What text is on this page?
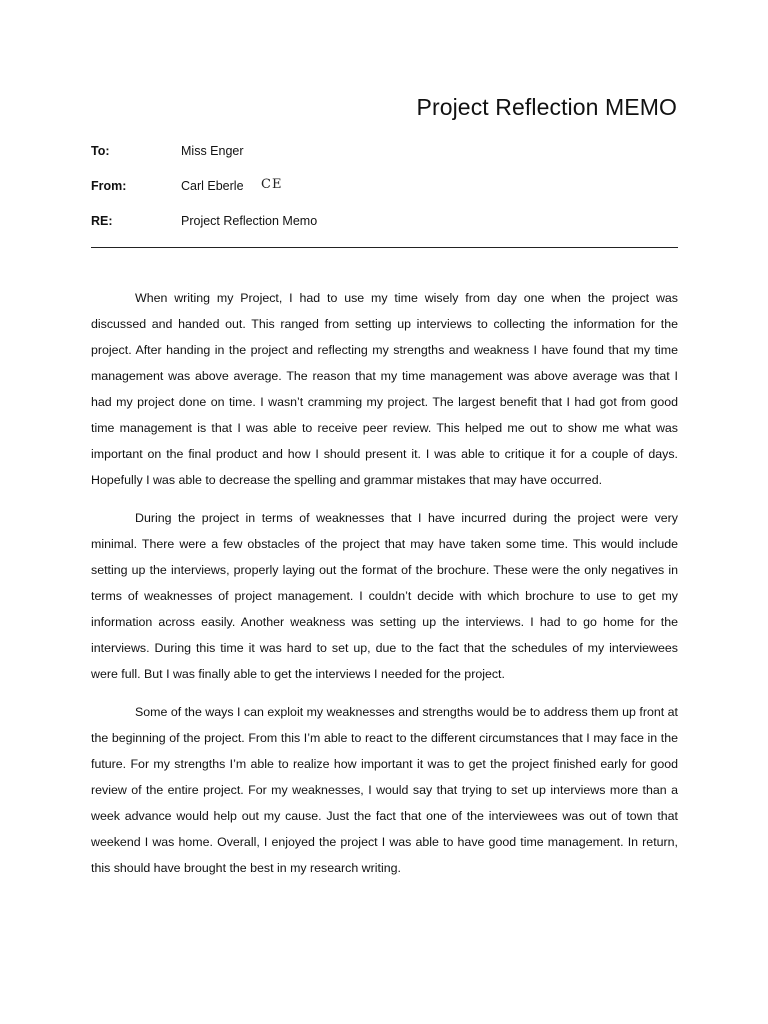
Project Reflection MEMO
To:	Miss Enger
From:	Carl Eberle CE
RE:	Project Reflection Memo

When writing my Project, I had to use my time wisely from day one when the project was discussed and handed out. This ranged from setting up interviews to collecting the information for the project. After handing in the project and reflecting my strengths and weakness I have found that my time management was above average. The reason that my time management was above average was that I had my project done on time. I wasn’t cramming my project. The largest benefit that I had got from good time management is that I was able to receive peer review. This helped me out to show me what was important on the final product and how I should present it. I was able to critique it for a couple of days. Hopefully I was able to decrease the spelling and grammar mistakes that may have occurred.

During the project in terms of weaknesses that I have incurred during the project were very minimal. There were a few obstacles of the project that may have taken some time. This would include setting up the interviews, properly laying out the format of the brochure. These were the only negatives in terms of weaknesses of project management. I couldn’t decide with which brochure to use to get my information across easily. Another weakness was setting up the interviews. I had to go home for the interviews. During this time it was hard to set up, due to the fact that the schedules of my interviewees were full. But I was finally able to get the interviews I needed for the project.

Some of the ways I can exploit my weaknesses and strengths would be to address them up front at the beginning of the project. From this I’m able to react to the different circumstances that I may face in the future. For my strengths I’m able to realize how important it was to get the project finished early for good review of the entire project. For my weaknesses, I would say that trying to set up interviews more than a week advance would help out my cause. Just the fact that one of the interviewees was out of town that weekend I was home. Overall, I enjoyed the project I was able to have good time management. In return, this should have brought the best in my research writing.
